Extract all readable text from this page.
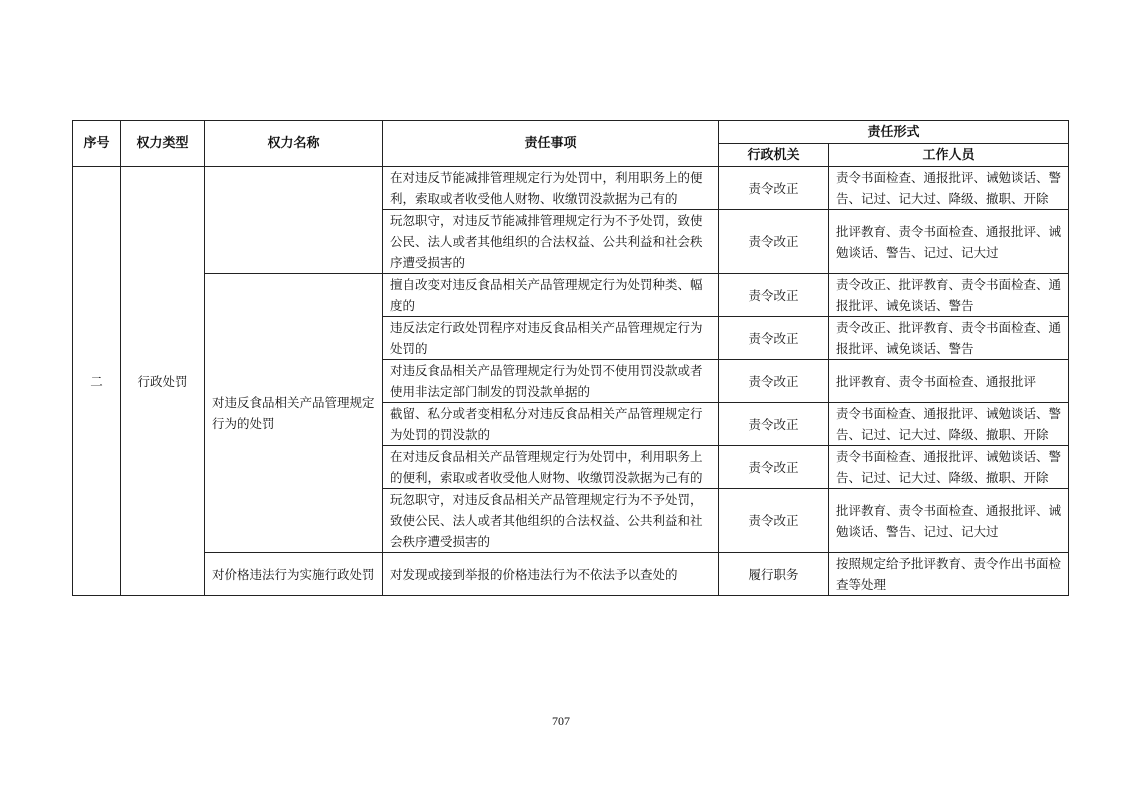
序号	权力类型	权力名称	责任事项	责任形式	
				行政机关	工作人员
二	行政处罚		在对违反节能减排管理规定行为处罚中，利用职务上的便利，索取或者收受他人财物、收缴罚没款据为己有的	责令改正	责令书面检查、通报批评、诫勉谈话、警告、记过、记大过、降级、撤职、开除
			玩忽职守，对违反节能减排管理规定行为不予处罚，致使公民、法人或者其他组织的合法权益、公共利益和社会秩序遭受损害的	责令改正	批评教育、责令书面检查、通报批评、诫勉谈话、警告、记过、记大过
		对违反食品相关产品管理规定行为的处罚	擅自改变对违反食品相关产品管理规定行为处罚种类、幅度的	责令改正	责令改正、批评教育、责令书面检查、通报批评、诫免谈话、警告
			违反法定行政处罚程序对违反食品相关产品管理规定行为处罚的	责令改正	责令改正、批评教育、责令书面检查、通报批评、诫免谈话、警告
			对违反食品相关产品管理规定行为处罚不使用罚没款或者使用非法定部门制发的罚没款单据的	责令改正	批评教育、责令书面检查、通报批评
			截留、私分或者变相私分对违反食品相关产品管理规定行为处罚的罚没款的	责令改正	责令书面检查、通报批评、诫勉谈话、警告、记过、记大过、降级、撤职、开除
			在对违反食品相关产品管理规定行为处罚中，利用职务上的便利，索取或者收受他人财物、收缴罚没款据为己有的	责令改正	责令书面检查、通报批评、诫勉谈话、警告、记过、记大过、降级、撤职、开除
			玩忽职守，对违反食品相关产品管理规定行为不予处罚，致使公民、法人或者其他组织的合法权益、公共利益和社会秩序遭受损害的	责令改正	批评教育、责令书面检查、通报批评、诫勉谈话、警告、记过、记大过
		对价格违法行为实施行政处罚	对发现或接到举报的价格违法行为不依法予以查处的	履行职务	按照规定给予批评教育、责令作出书面检查等处理
707
